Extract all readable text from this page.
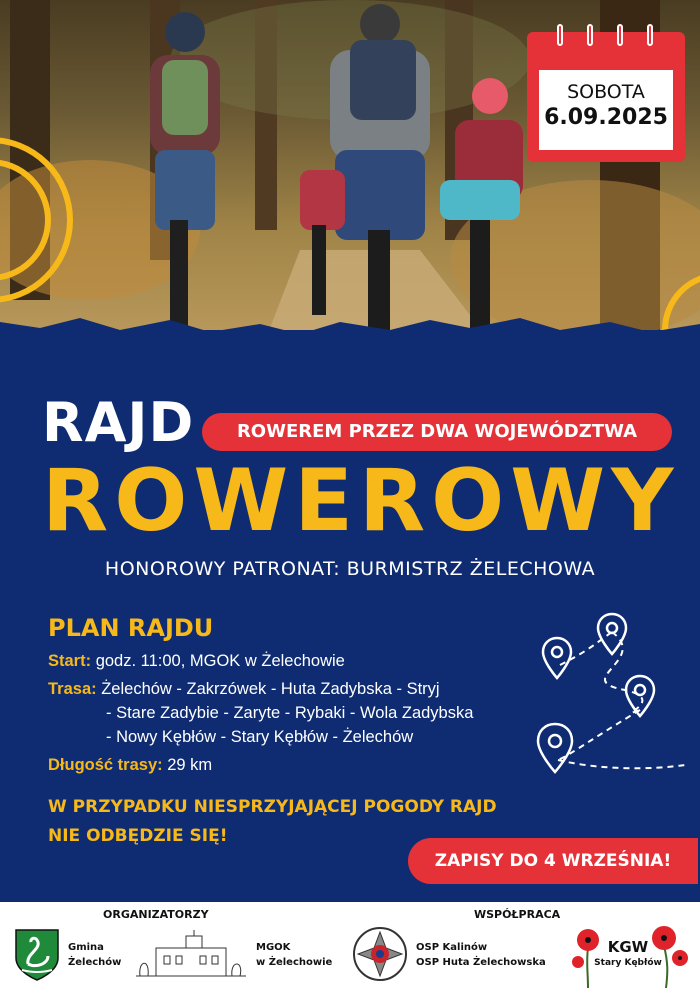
SOBOTA
6.09.2025
RAJD	ROWEREM PRZEZ DWA WOJEWÓDZTWA
ROWEROWY
HONOROWY PATRONAT: BURMISTRZ ŻELECHOWA
PLAN RAJDU
Start: godz. 11:00, MGOK w Żelechowie
Trasa: Żelechów - Zakrzówek - Huta Zadybska - Stryj
- Stare Zadybie - Zaryte - Rybaki - Wola Zadybska
- Nowy Kębłów - Stary Kębłów - Żelechów
Długość trasy: 29 km
W PRZYPADKU NIESPRZYJAJĄCEJ POGODY RAJD
NIE ODBĘDZIE SIĘ!
ZAPISY DO 4 WRZEŚNIA!
ORGANIZATORZY	WSPÓŁPRACA
Gmina
Żelechów
MGOK
w Żelechowie
OSP Kalinów
OSP Huta Żelechowska
KGW
Stary Kębłów
